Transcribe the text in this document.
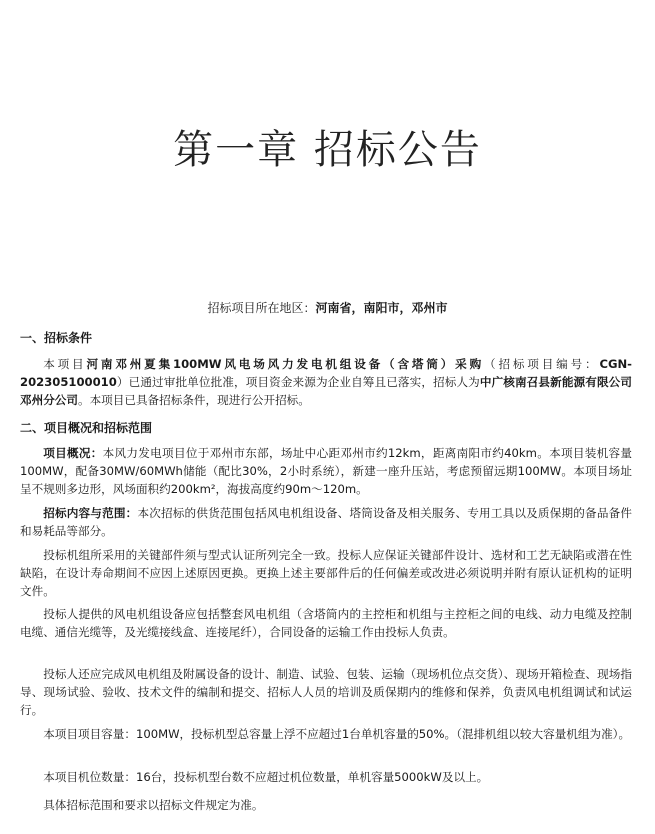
第一章 招标公告
招标项目所在地区：河南省，南阳市，邓州市
一、招标条件

本项目河南邓州夏集100MW风电场风力发电机组设备（含塔筒）采购（招标项目编号：CGN-202305100010）已通过审批单位批准，项目资金来源为企业自筹且已落实，招标人为中广核南召县新能源有限公司邓州分公司。本项目已具备招标条件，现进行公开招标。

二、项目概况和招标范围

项目概况：本风力发电项目位于邓州市东部，场址中心距邓州市约12km，距离南阳市约40km。本项目装机容量100MW，配备30MW/60MWh储能（配比30%，2小时系统），新建一座升压站，考虑预留远期100MW。本项目场址呈不规则多边形，风场面积约200km²，海拔高度约90m～120m。

招标内容与范围：本次招标的供货范围包括风电机组设备、塔筒设备及相关服务、专用工具以及质保期的备品备件和易耗品等部分。

投标机组所采用的关键部件须与型式认证所列完全一致。投标人应保证关键部件设计、选材和工艺无缺陷或潜在性缺陷，在设计寿命期间不应因上述原因更换。更换上述主要部件后的任何偏差或改进必须说明并附有原认证机构的证明文件。

投标人提供的风电机组设备应包括整套风电机组（含塔筒内的主控柜和机组与主控柜之间的电线、动力电缆及控制电缆、通信光缆等，及光缆接线盒、连接尾纤），合同设备的运输工作由投标人负责。

投标人还应完成风电机组及附属设备的设计、制造、试验、包装、运输（现场机位点交货）、现场开箱检查、现场指导、现场试验、验收、技术文件的编制和提交、招标人人员的培训及质保期内的维修和保养，负责风电机组调试和试运行。

本项目项目容量：100MW，投标机型总容量上浮不应超过1台单机容量的50%。（混排机组以较大容量机组为准）。

本项目机位数量：16台，投标机型台数不应超过机位数量，单机容量5000kW及以上。

具体招标范围和要求以招标文件规定为准。
